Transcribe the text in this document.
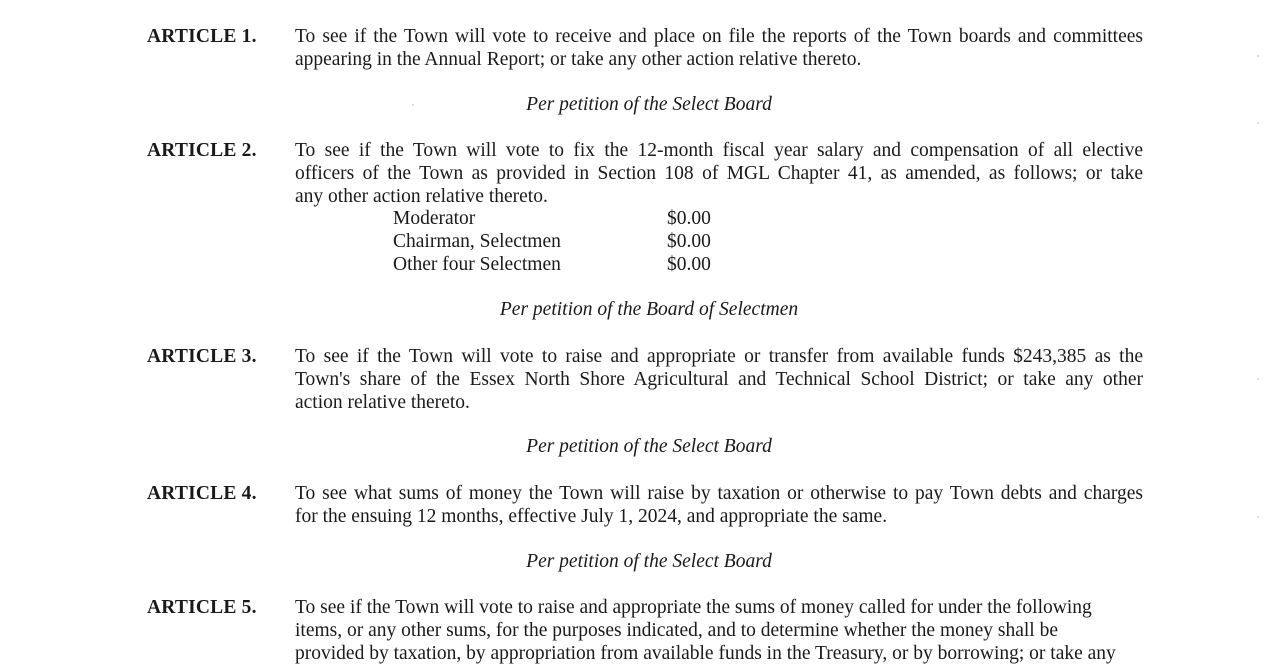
ARTICLE 1. To see if the Town will vote to receive and place on file the reports of the Town boards and committees
appearing in the Annual Report; or take any other action relative thereto.
Per petition of the Select Board
ARTICLE 2. To see if the Town will vote to fix the 12-month fiscal year salary and compensation of all elective
officers of the Town as provided in Section 108 of MGL Chapter 41, as amended, as follows; or take
any other action relative thereto.
Moderator	$0.00
Chairman, Selectmen	$0.00
Other four Selectmen	$0.00
Per petition of the Board of Selectmen
ARTICLE 3. To see if the Town will vote to raise and appropriate or transfer from available funds $243,385 as the
Town's share of the Essex North Shore Agricultural and Technical School District; or take any other
action relative thereto.
Per petition of the Select Board
ARTICLE 4. To see what sums of money the Town will raise by taxation or otherwise to pay Town debts and charges
for the ensuing 12 months, effective July 1, 2024, and appropriate the same.
Per petition of the Select Board
ARTICLE 5. To see if the Town will vote to raise and appropriate the sums of money called for under the following
items, or any other sums, for the purposes indicated, and to determine whether the money shall be
provided by taxation, by appropriation from available funds in the Treasury, or by borrowing; or take any
